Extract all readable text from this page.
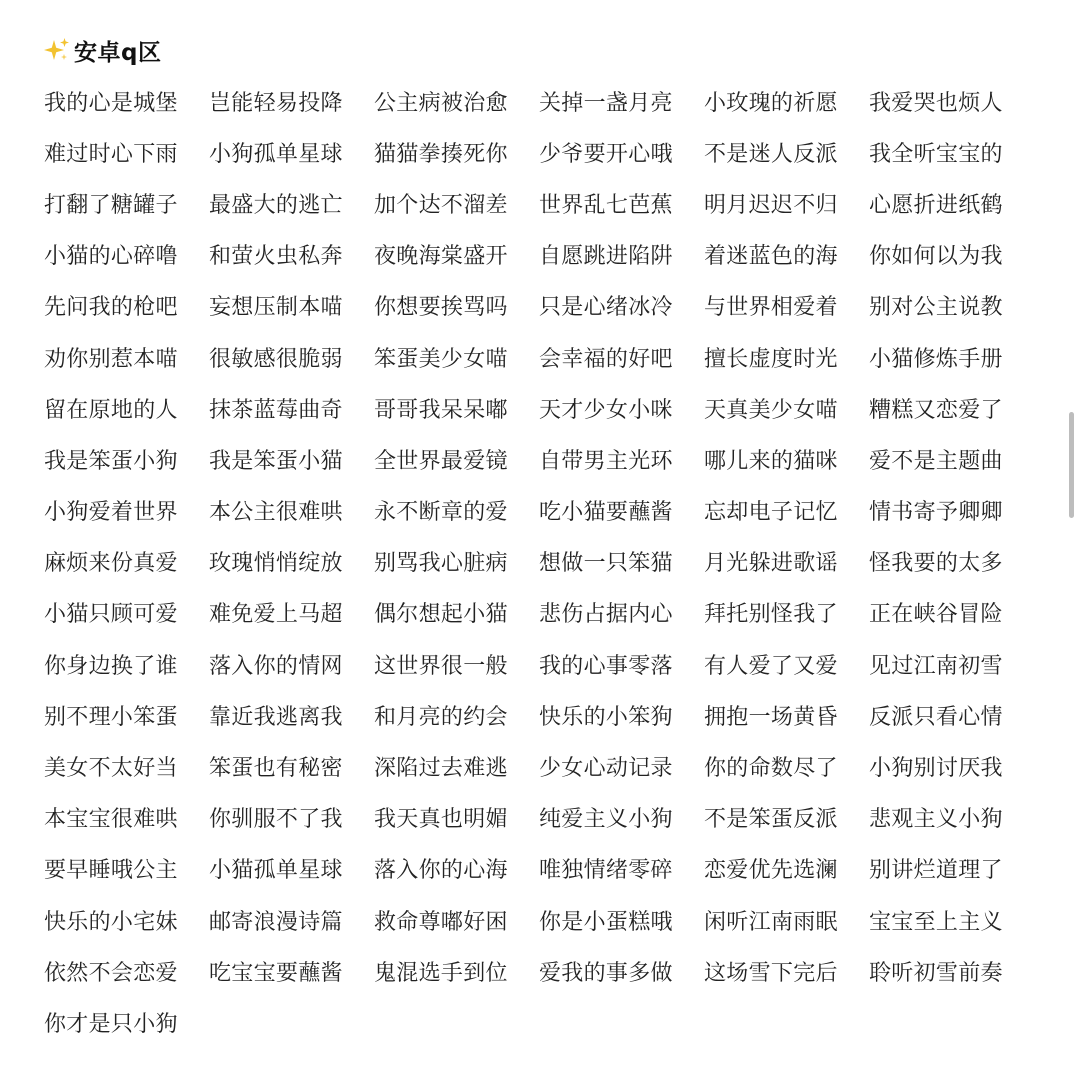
安卓q区
我的心是城堡	岂能轻易投降	公主病被治愈	关掉一盏月亮	小玫瑰的祈愿	我爱哭也烦人
难过时心下雨	小狗孤单星球	猫猫拳揍死你	少爷要开心哦	不是迷人反派	我全听宝宝的
打翻了糖罐子	最盛大的逃亡	加个达不溜差	世界乱七芭蕉	明月迟迟不归	心愿折进纸鹤
小猫的心碎噜	和萤火虫私奔	夜晚海棠盛开	自愿跳进陷阱	着迷蓝色的海	你如何以为我
先问我的枪吧	妄想压制本喵	你想要挨骂吗	只是心绪冰冷	与世界相爱着	别对公主说教
劝你别惹本喵	很敏感很脆弱	笨蛋美少女喵	会幸福的好吧	擅长虚度时光	小猫修炼手册
留在原地的人	抹茶蓝莓曲奇	哥哥我呆呆嘟	天才少女小咪	天真美少女喵	糟糕又恋爱了
我是笨蛋小狗	我是笨蛋小猫	全世界最爱镜	自带男主光环	哪儿来的猫咪	爱不是主题曲
小狗爱着世界	本公主很难哄	永不断章的爱	吃小猫要蘸酱	忘却电子记忆	情书寄予卿卿
麻烦来份真爱	玫瑰悄悄绽放	别骂我心脏病	想做一只笨猫	月光躲进歌谣	怪我要的太多
小猫只顾可爱	难免爱上马超	偶尔想起小猫	悲伤占据内心	拜托别怪我了	正在峡谷冒险
你身边换了谁	落入你的情网	这世界很一般	我的心事零落	有人爱了又爱	见过江南初雪
别不理小笨蛋	靠近我逃离我	和月亮的约会	快乐的小笨狗	拥抱一场黄昏	反派只看心情
美女不太好当	笨蛋也有秘密	深陷过去难逃	少女心动记录	你的命数尽了	小狗别讨厌我
本宝宝很难哄	你驯服不了我	我天真也明媚	纯爱主义小狗	不是笨蛋反派	悲观主义小狗
要早睡哦公主	小猫孤单星球	落入你的心海	唯独情绪零碎	恋爱优先选澜	别讲烂道理了
快乐的小宅妹	邮寄浪漫诗篇	救命尊嘟好困	你是小蛋糕哦	闲听江南雨眠	宝宝至上主义
依然不会恋爱	吃宝宝要蘸酱	鬼混选手到位	爱我的事多做	这场雪下完后	聆听初雪前奏
你才是只小狗
